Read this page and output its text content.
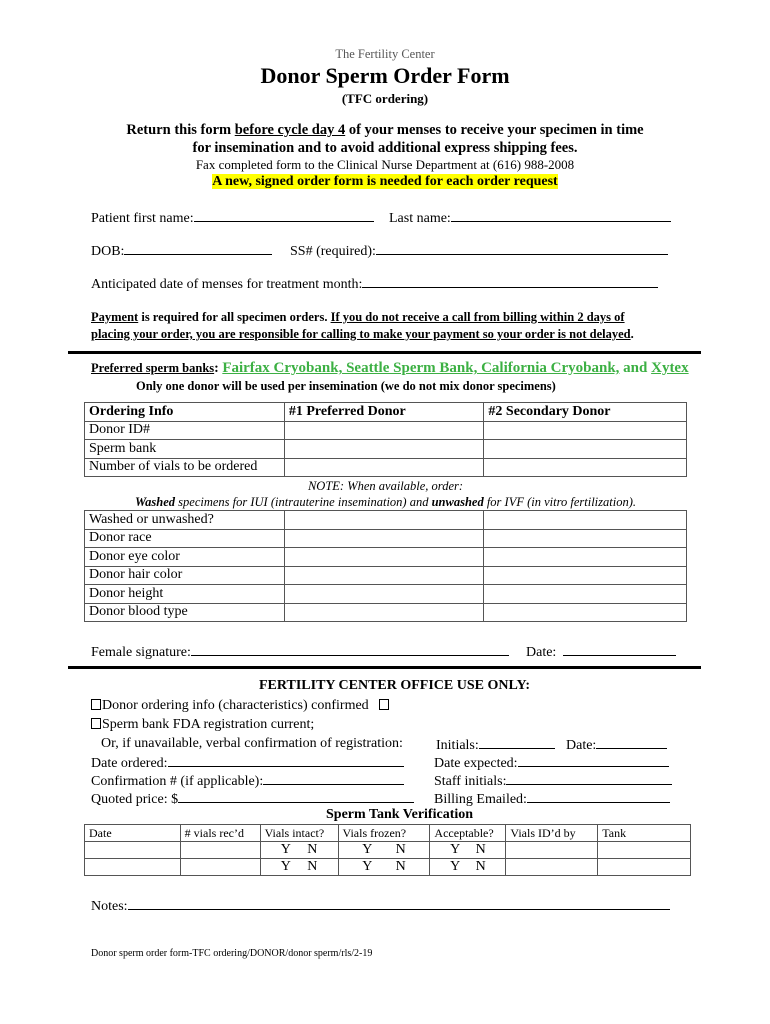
The Fertility Center
Donor Sperm Order Form
(TFC ordering)
Return this form before cycle day 4 of your menses to receive your specimen in time
for insemination and to avoid additional express shipping fees.
Fax completed form to the Clinical Nurse Department at (616) 988-2008
A new, signed order form is needed for each order request
Patient first name:	Last name:
DOB:	SS# (required):
Anticipated date of menses for treatment month:
Payment is required for all specimen orders. If you do not receive a call from billing within 2 days of
placing your order, you are responsible for calling to make your payment so your order is not delayed.
Preferred sperm banks: Fairfax Cryobank, Seattle Sperm Bank, California Cryobank, and Xytex
Only one donor will be used per insemination (we do not mix donor specimens)
Ordering Info	#1 Preferred Donor	#2 Secondary Donor
Donor ID#		
Sperm bank		
Number of vials to be ordered		

NOTE: When available, order:
Washed specimens for IUI (intrauterine insemination) and unwashed for IVF (in vitro fertilization).		

Washed or unwashed?		
Donor race		
Donor eye color		
Donor hair color		
Donor height		
Donor blood type		
Female signature:	Date:
FERTILITY CENTER OFFICE USE ONLY:
Donor ordering info (characteristics) confirmed
Sperm bank FDA registration current;
Or, if unavailable, verbal confirmation of registration: Initials:	Date:
Date ordered:	Date expected:
Confirmation # (if applicable):	Staff initials:
Quoted price: $	Billing Emailed:
Sperm Tank Verification
Date	# vials rec’d	Vials intact?	Vials frozen?	Acceptable?	Vials ID’d by	Tank

		Y N	Y N	Y N		

		Y N	Y N	Y N		

Notes:
Donor sperm order form-TFC ordering/DONOR/donor sperm/rls/2-19
